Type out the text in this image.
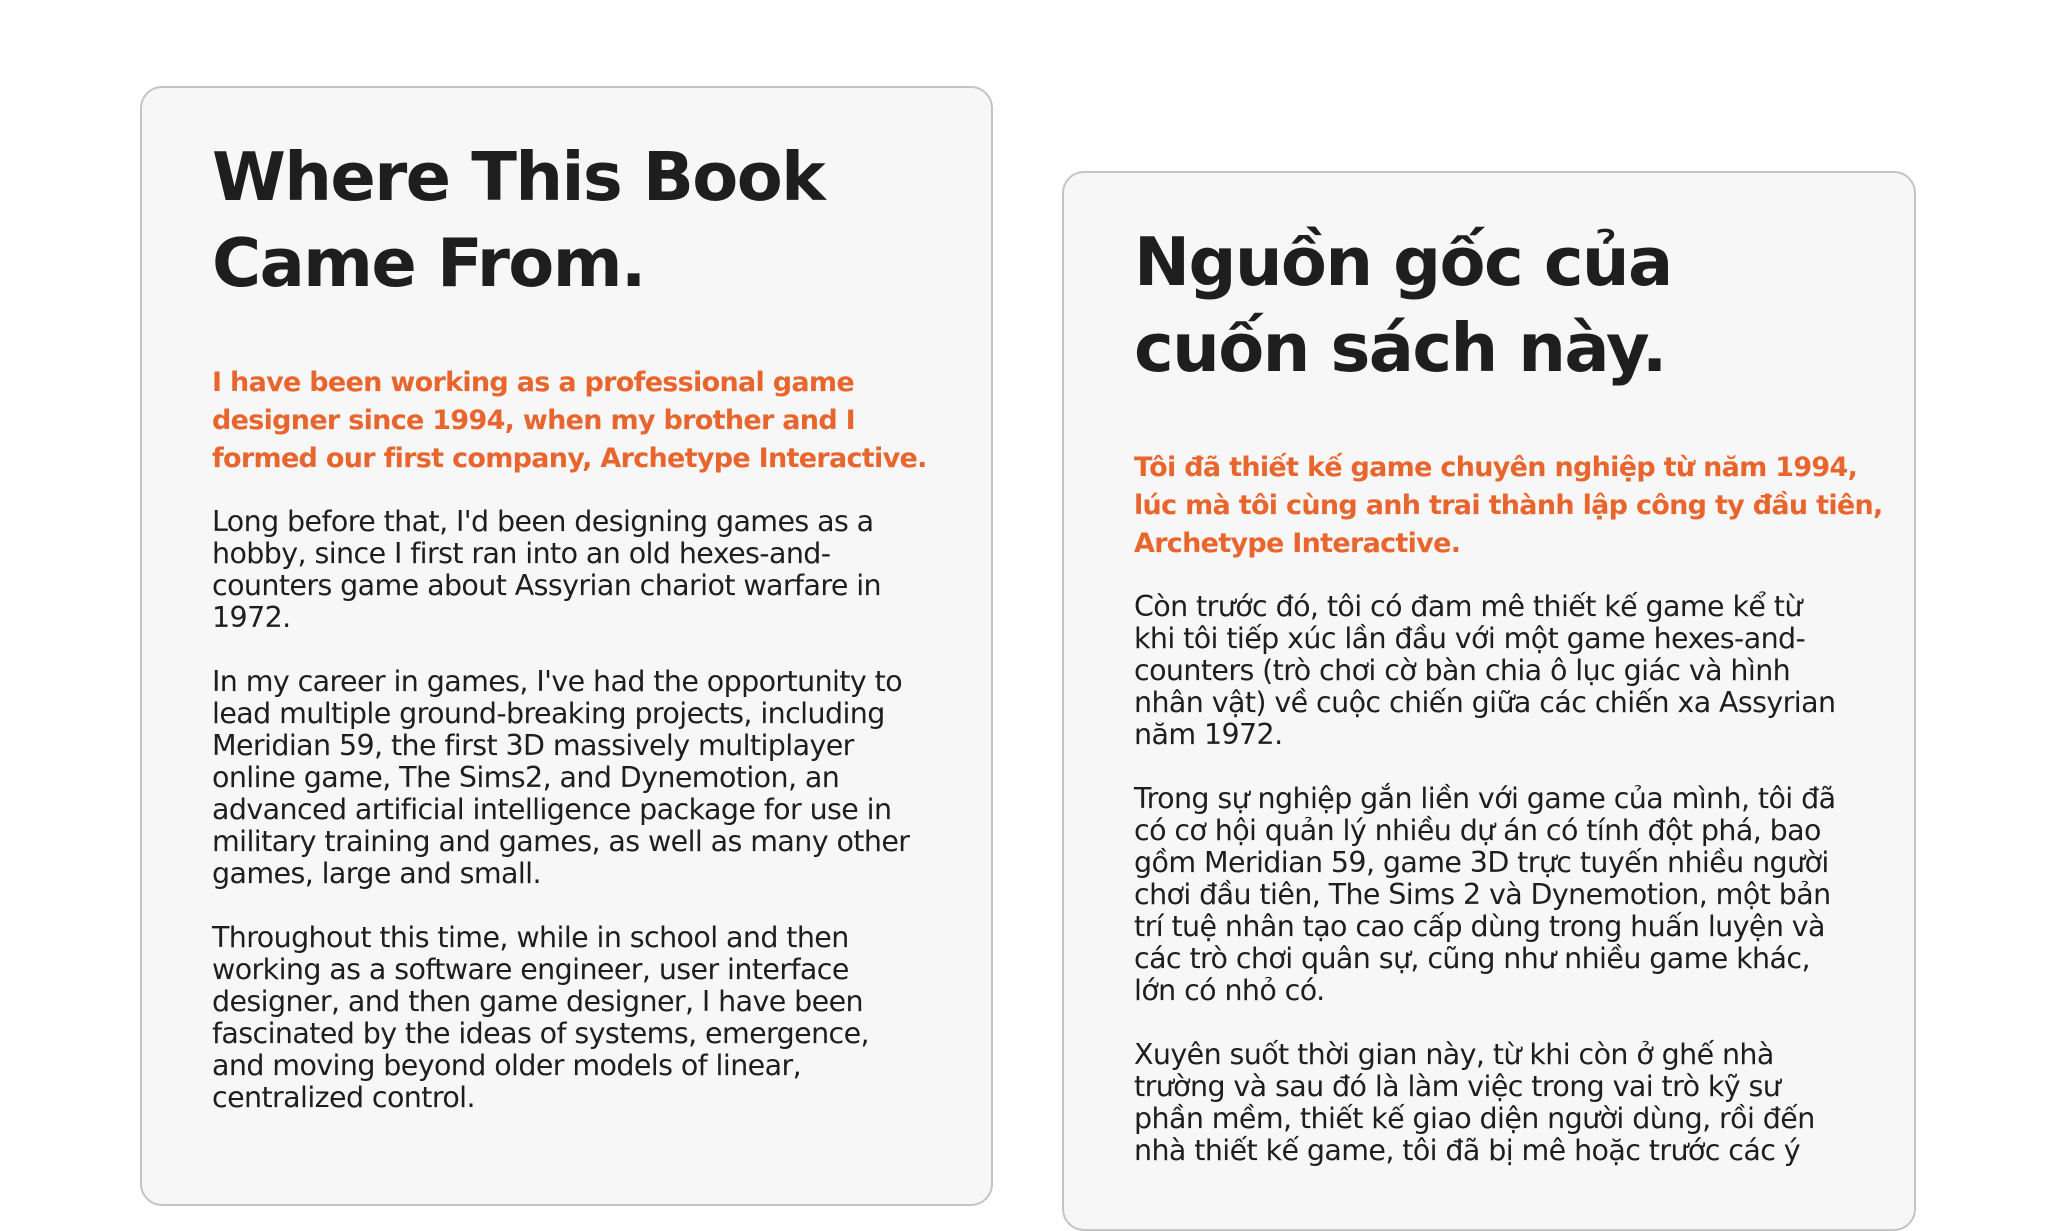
Where This Book
Came From.

I have been working as a professional game
designer since 1994, when my brother and I
formed our first company, Archetype Interactive.

Long before that, I'd been designing games as a
hobby, since I first ran into an old hexes-and-
counters game about Assyrian chariot warfare in
1972.

In my career in games, I've had the opportunity to
lead multiple ground-breaking projects, including
Meridian 59, the first 3D massively multiplayer
online game, The Sims2, and Dynemotion, an
advanced artificial intelligence package for use in
military training and games, as well as many other
games, large and small.

Throughout this time, while in school and then
working as a software engineer, user interface
designer, and then game designer, I have been
fascinated by the ideas of systems, emergence,
and moving beyond older models of linear,
centralized control.

Nguồn gốc của
cuốn sách này.

Tôi đã thiết kế game chuyên nghiệp từ năm 1994,
lúc mà tôi cùng anh trai thành lập công ty đầu tiên,
Archetype Interactive.

Còn trước đó, tôi có đam mê thiết kế game kể từ
khi tôi tiếp xúc lần đầu với một game hexes-and-
counters (trò chơi cờ bàn chia ô lục giác và hình
nhân vật) về cuộc chiến giữa các chiến xa Assyrian
năm 1972.

Trong sự nghiệp gắn liền với game của mình, tôi đã
có cơ hội quản lý nhiều dự án có tính đột phá, bao
gồm Meridian 59, game 3D trực tuyến nhiều người
chơi đầu tiên, The Sims 2 và Dynemotion, một bản
trí tuệ nhân tạo cao cấp dùng trong huấn luyện và
các trò chơi quân sự, cũng như nhiều game khác,
lớn có nhỏ có.

Xuyên suốt thời gian này, từ khi còn ở ghế nhà
trường và sau đó là làm việc trong vai trò kỹ sư
phần mềm, thiết kế giao diện người dùng, rồi đến
nhà thiết kế game, tôi đã bị mê hoặc trước các ý
